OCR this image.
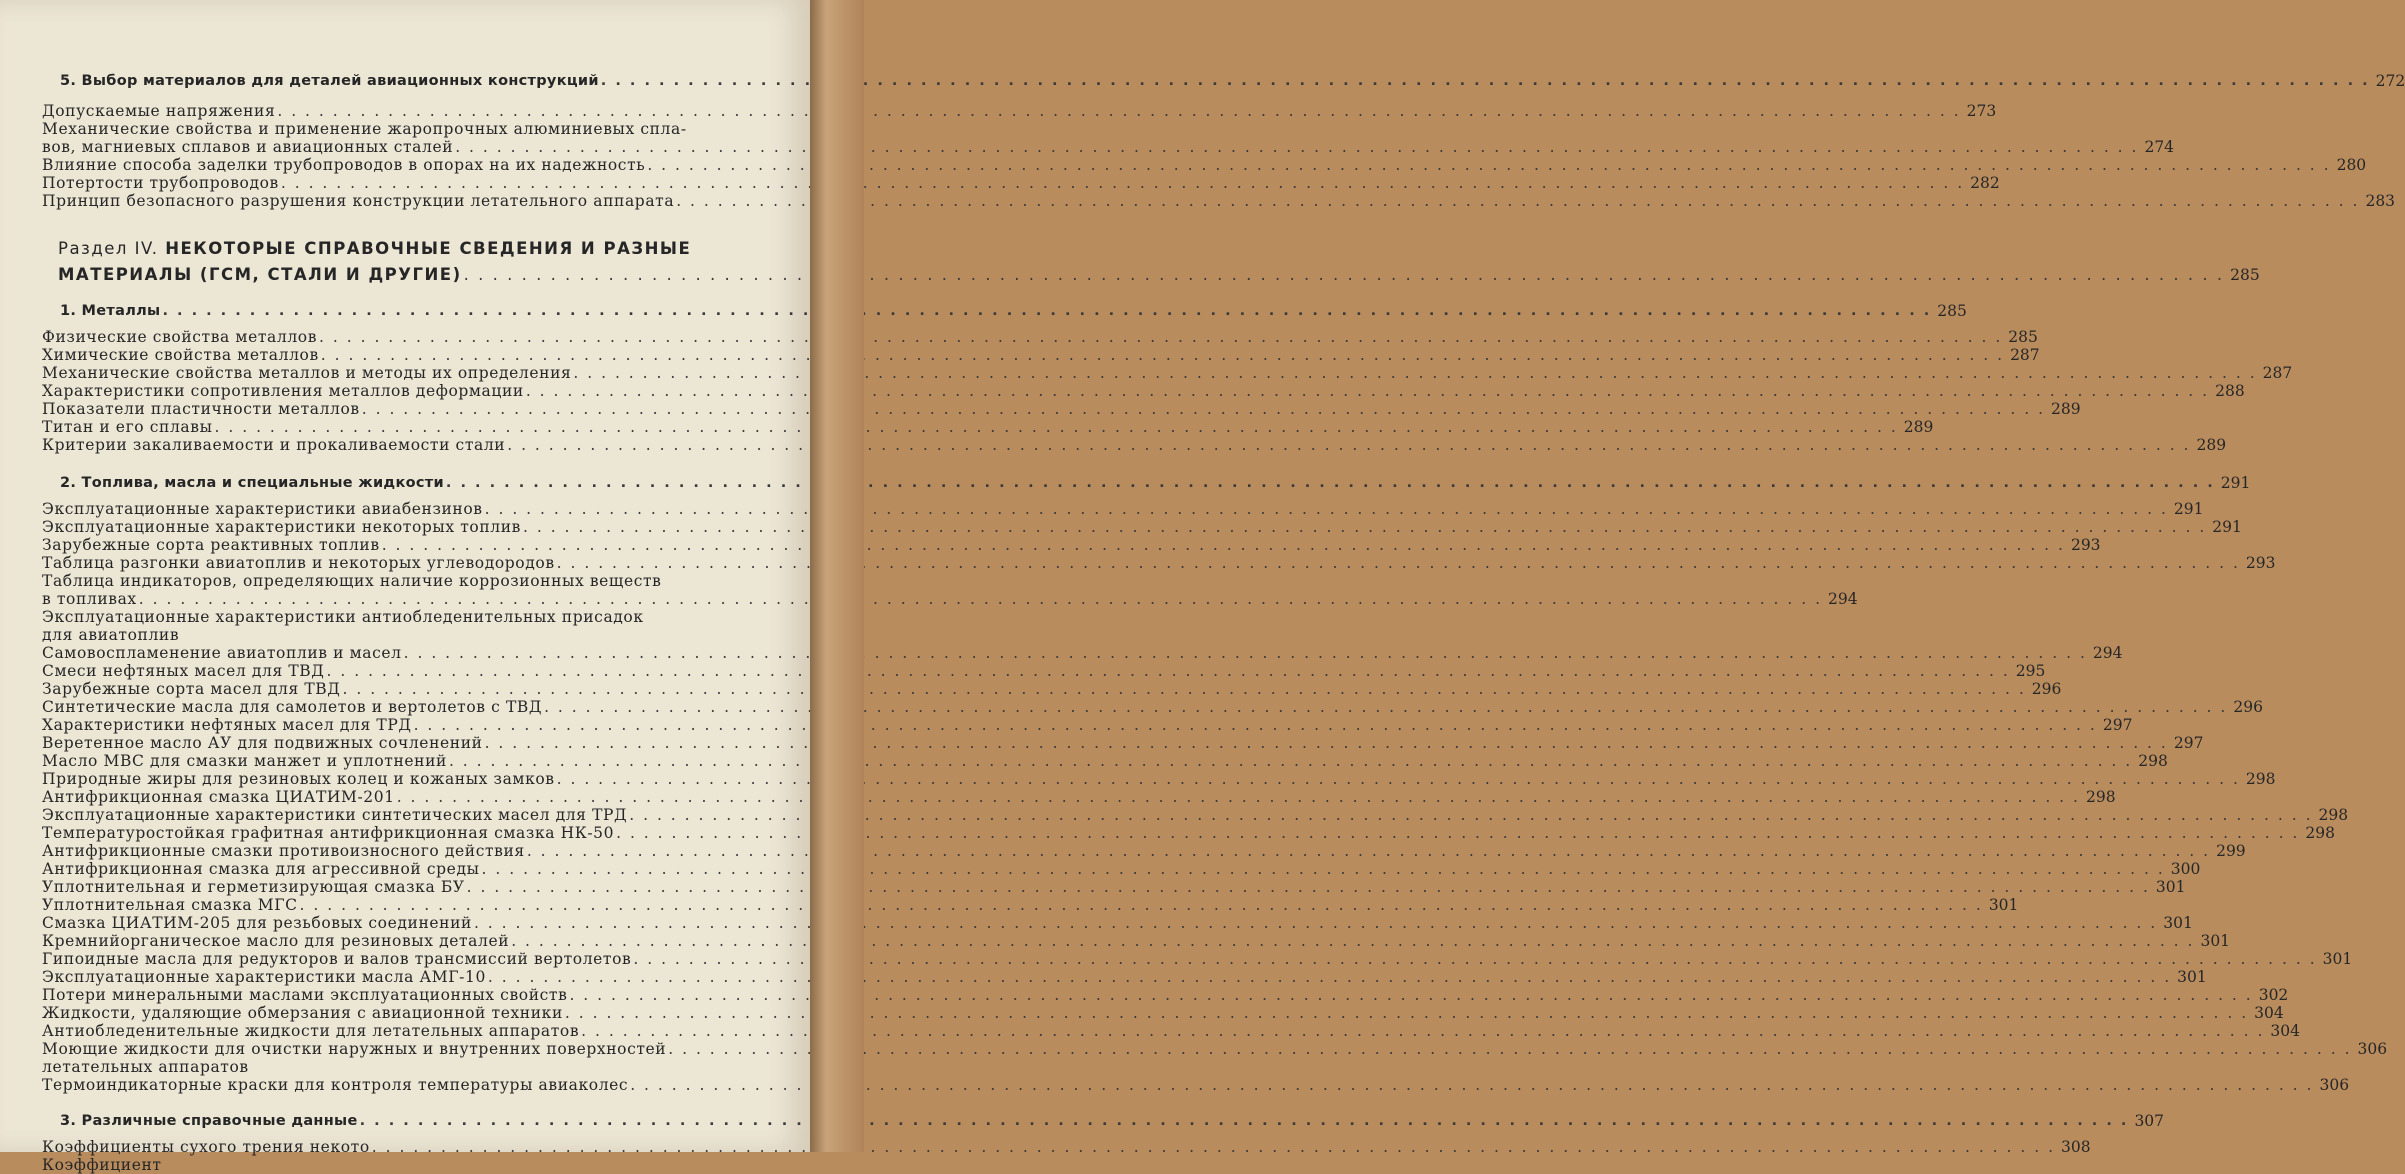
5. Выбор материалов для деталей авиационных конструкций . . .	272
Допускаемые напряжения . . .	273
Механические свойства и применение жаропрочных алюминиевых спла-
вов, магниевых сплавов и авиационных сталей . . .	274
Влияние способа заделки трубопроводов в опорах на их надежность . . .	280
Потертости трубопроводов . . .	282
Принцип безопасного разрушения конструкции летательного аппарата . . .	283
Раздел IV. НЕКОТОРЫЕ СПРАВОЧНЫЕ СВЕДЕНИЯ И РАЗНЫЕ
МАТЕРИАЛЫ (ГСМ, СТАЛИ И ДРУГИЕ) . . .	285
1. Металлы . . .	285
Физические свойства металлов . . .	285
Химические свойства металлов . . .	287
Механические свойства металлов и методы их определения . . .	287
Характеристики сопротивления металлов деформации . . .	288
Показатели пластичности металлов . . .	289
Титан и его сплавы . . .	289
Критерии закаливаемости и прокаливаемости стали . . .	289
2. Топлива, масла и специальные жидкости . . .	291
Эксплуатационные характеристики авиабензинов . . .	291
Эксплуатационные характеристики некоторых топлив . . .	291
Зарубежные сорта реактивных топлив . . .	293
Таблица разгонки авиатоплив и некоторых углеводородов . . .	293
Таблица индикаторов, определяющих наличие коррозионных веществ
в топливах . . .	294
Эксплуатационные характеристики антиобледенительных присадок
для авиатоплив
Самовоспламенение авиатоплив и масел . . .	294
Смеси нефтяных масел для ТВД . . .	295
Зарубежные сорта масел для ТВД . . .	296
Синтетические масла для самолетов и вертолетов с ТВД . . .	296
Характеристики нефтяных масел для ТРД . . .	297
Веретенное масло АУ для подвижных сочленений . . .	297
Масло МВС для смазки манжет и уплотнений . . .	298
Природные жиры для резиновых колец и кожаных замков . . .	298
Антифрикционная смазка ЦИАТИМ-201 . . .	298
Эксплуатационные характеристики синтетических масел для ТРД . . .	298
Температуростойкая графитная антифрикционная смазка НК-50 . . .	298
Антифрикционные смазки противоизносного действия . . .	299
Антифрикционная смазка для агрессивной среды . . .	300
Уплотнительная и герметизирующая смазка БУ . . .	301
Уплотнительная смазка МГС . . .	301
Смазка ЦИАТИМ-205 для резьбовых соединений . . .	301
Кремнийорганическое масло для резиновых деталей . . .	301
Гипоидные масла для редукторов и валов трансмиссий вертолетов . . .	301
Эксплуатационные характеристики масла АМГ-10 . . .	301
Потери минеральными маслами эксплуатационных свойств . . .	302
Жидкости, удаляющие обмерзания с авиационной техники . . .	304
Антиобледенительные жидкости для летательных аппаратов . . .	304
Моющие жидкости для очистки наружных и внутренних поверхностей . . .	306
летательных аппаратов
Термоиндикаторные краски для контроля температуры авиаколес . . .	306
3. Различные справочные данные . . .	307
Коэффициенты сухого трения некото . . .	308
Коэффициент
